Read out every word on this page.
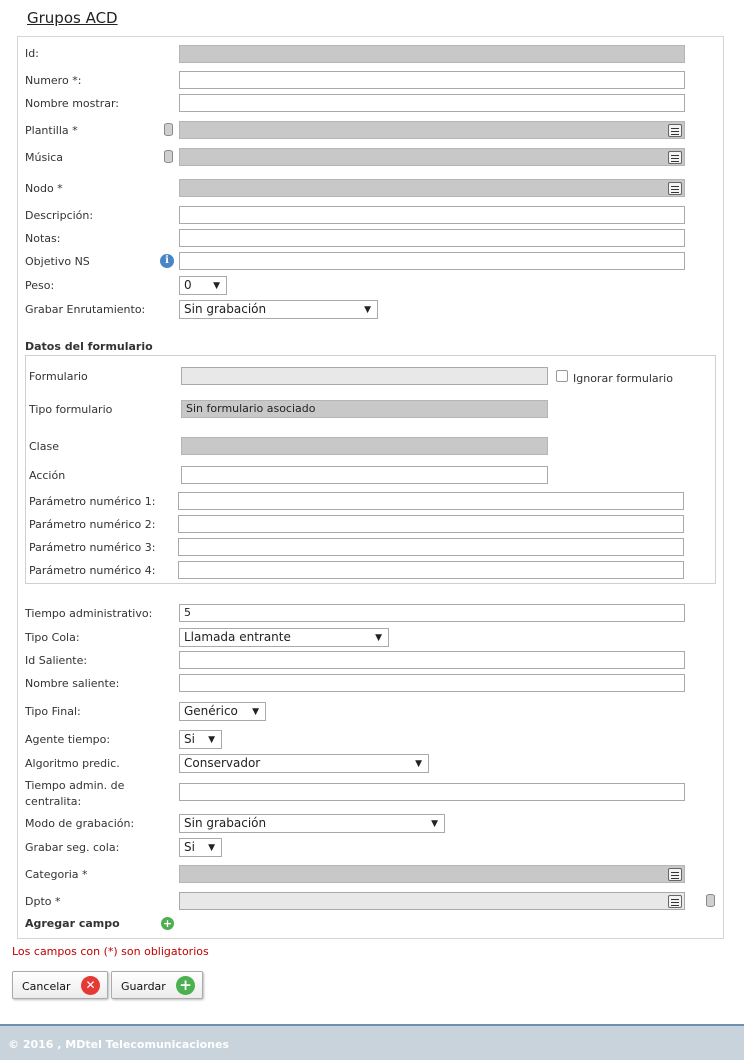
Grupos ACD
Id:
Numero *:
Nombre mostrar:
Plantilla *
Música
Nodo *
Descripción:
Notas:
Objetivo NS	i
Peso:	0 ▼
Grabar Enrutamiento:	Sin grabación	▼
Datos del formulario
Formulario	Ignorar formulario
Tipo formulario	Sin formulario asociado
Clase
Acción
Parámetro numérico 1:
Parámetro numérico 2:
Parámetro numérico 3:
Parámetro numérico 4:
Tiempo administrativo:	5
Tipo Cola:	Llamada entrante	▼
Id Saliente:
Nombre saliente:
Tipo Final:	Genérico ▼
Agente tiempo:	Si ▼
Algoritmo predic.	Conservador	▼
Tiempo admin. de
centralita:
Modo de grabación:	Sin grabación	▼
Grabar seg. cola:	Si ▼
Categoria *
Dpto *
Agregar campo	+
Los campos con (*) son obligatorios
Cancelar	✕	Guardar +
© 2016 , MDtel Telecomunicaciones
